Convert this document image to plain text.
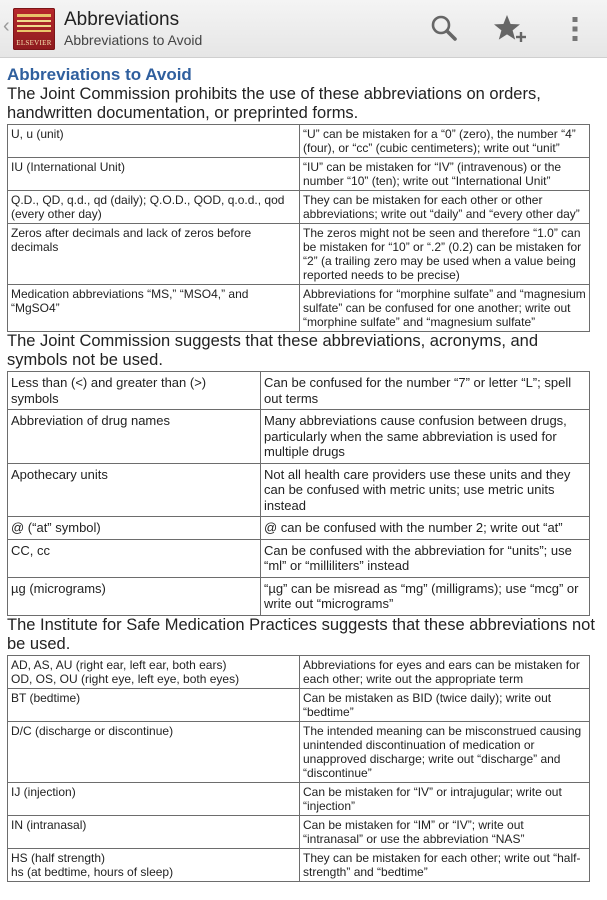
‹
ELSEVIER
Abbreviations
Abbreviations to Avoid
Abbreviations to Avoid

The Joint Commission prohibits the use of these abbreviations on orders, handwritten documentation, or preprinted forms.

U, u (unit)	“U” can be mistaken for a “0” (zero), the number “4” (four), or “cc” (cubic centimeters); write out “unit”
IU (International Unit)	“IU” can be mistaken for “IV” (intravenous) or the number “10” (ten); write out “International Unit”
Q.D., QD, q.d., qd (daily); Q.O.D., QOD, q.o.d., qod (every other day)	They can be mistaken for each other or other abbreviations; write out “daily” and “every other day”
Zeros after decimals and lack of zeros before decimals	The zeros might not be seen and therefore “1.0” can be mistaken for “10” or “.2” (0.2) can be mistaken for “2” (a trailing zero may be used when a value being reported needs to be precise)
Medication abbreviations “MS,” “MSO4,” and “MgSO4”	Abbreviations for “morphine sulfate” and “magnesium sulfate” can be confused for one another; write out “morphine sulfate” and “magnesium sulfate”

The Joint Commission suggests that these abbreviations, acronyms, and symbols not be used.

Less than (<) and greater than (>) symbols	Can be confused for the number “7” or letter “L”; spell out terms
Abbreviation of drug names	Many abbreviations cause confusion between drugs, particularly when the same abbreviation is used for multiple drugs
Apothecary units	Not all health care providers use these units and they can be confused with metric units; use metric units instead
@ (“at” symbol)	@ can be confused with the number 2; write out “at”
CC, cc	Can be confused with the abbreviation for “units”; use “ml” or “milliliters” instead
µg (micrograms)	“µg” can be misread as “mg” (milligrams); use “mcg” or write out “micrograms”

The Institute for Safe Medication Practices suggests that these abbreviations not be used.

AD, AS, AU (right ear, left ear, both ears)
OD, OS, OU (right eye, left eye, both eyes)	Abbreviations for eyes and ears can be mistaken for each other; write out the appropriate term

BT (bedtime)	Can be mistaken as BID (twice daily); write out “bedtime”

D/C (discharge or discontinue)	The intended meaning can be misconstrued causing unintended discontinuation of medication or unapproved discharge; write out “discharge” and “discontinue”

IJ (injection)	Can be mistaken for “IV” or intrajugular; write out “injection”

IN (intranasal)	Can be mistaken for “IM” or “IV”; write out “intranasal” or use the abbreviation “NAS”

HS (half strength)
hs (at bedtime, hours of sleep)	They can be mistaken for each other; write out “half-strength” and “bedtime”
